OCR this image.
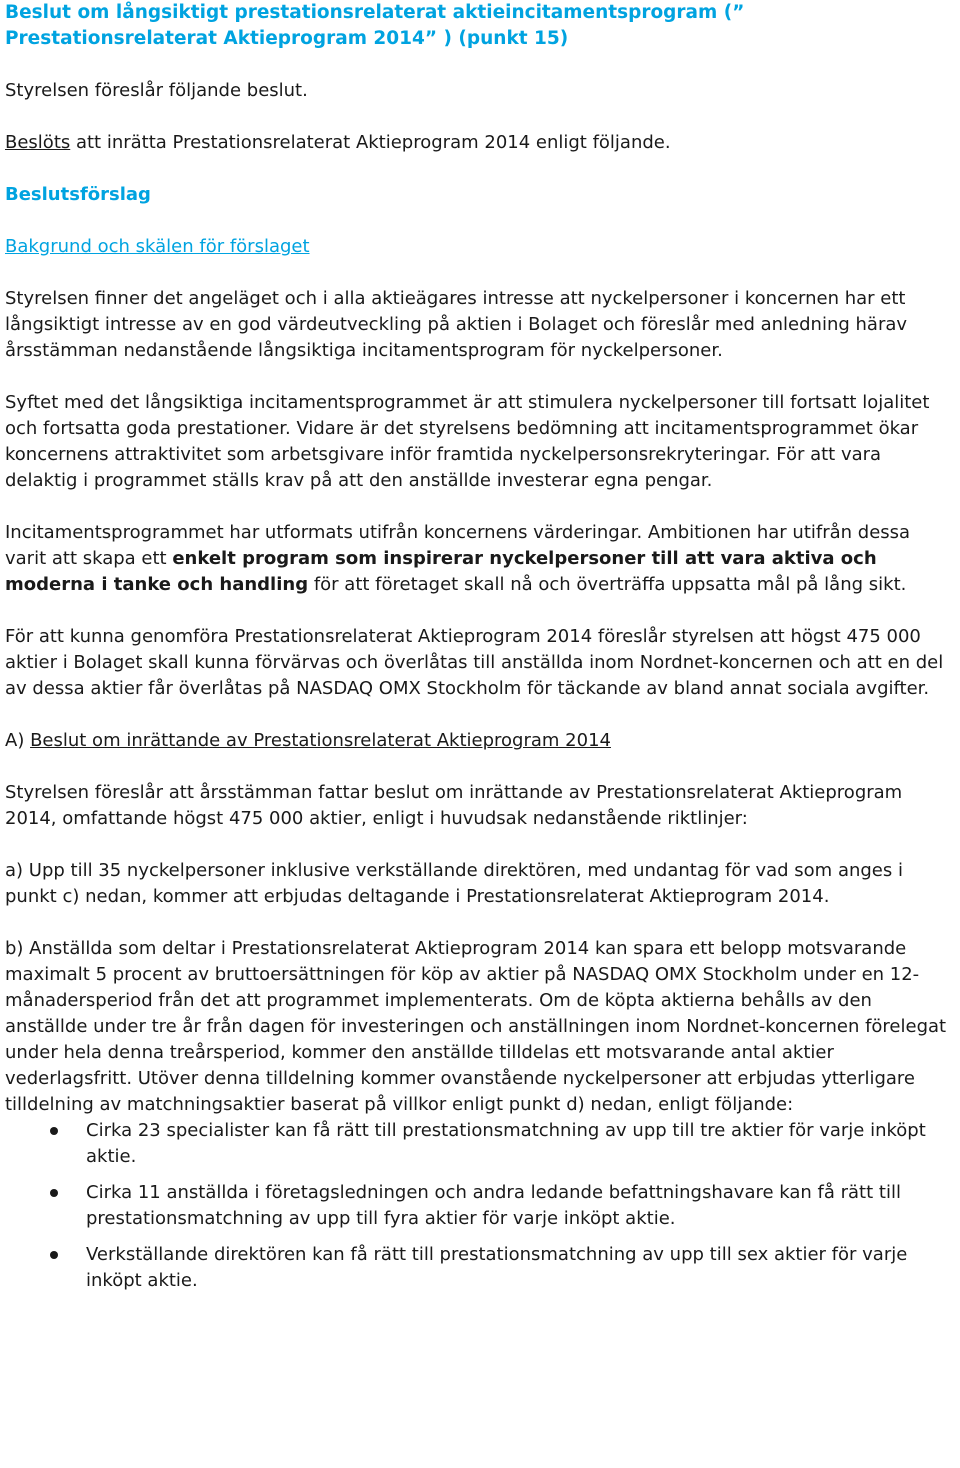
Beslut om långsiktigt prestationsrelaterat aktieincitamentsprogram (” Prestationsrelaterat Aktieprogram 2014” ) (punkt 15)

Styrelsen föreslår följande beslut.

Beslöts att inrätta Prestationsrelaterat Aktieprogram 2014 enligt följande.

Beslutsförslag

Bakgrund och skälen för förslaget

Styrelsen finner det angeläget och i alla aktieägares intresse att nyckelpersoner i koncernen har ett långsiktigt intresse av en god värdeutveckling på aktien i Bolaget och föreslår med anledning härav årsstämman nedanstående långsiktiga incitamentsprogram för nyckelpersoner.

Syftet med det långsiktiga incitamentsprogrammet är att stimulera nyckelpersoner till fortsatt lojalitet och fortsatta goda prestationer. Vidare är det styrelsens bedömning att incitamentsprogrammet ökar koncernens attraktivitet som arbetsgivare inför framtida nyckelpersonsrekryteringar. För att vara delaktig i programmet ställs krav på att den anställde investerar egna pengar.

Incitamentsprogrammet har utformats utifrån koncernens värderingar. Ambitionen har utifrån dessa varit att skapa ett enkelt program som inspirerar nyckelpersoner till att vara aktiva och moderna i tanke och handling för att företaget skall nå och överträffa uppsatta mål på lång sikt.

För att kunna genomföra Prestationsrelaterat Aktieprogram 2014 föreslår styrelsen att högst 475 000 aktier i Bolaget skall kunna förvärvas och överlåtas till anställda inom Nordnet-koncernen och att en del av dessa aktier får överlåtas på NASDAQ OMX Stockholm för täckande av bland annat sociala avgifter.

A) Beslut om inrättande av Prestationsrelaterat Aktieprogram 2014

Styrelsen föreslår att årsstämman fattar beslut om inrättande av Prestationsrelaterat Aktieprogram 2014, omfattande högst 475 000 aktier, enligt i huvudsak nedanstående riktlinjer:

a) Upp till 35 nyckelpersoner inklusive verkställande direktören, med undantag för vad som anges i punkt c) nedan, kommer att erbjudas deltagande i Prestationsrelaterat Aktieprogram 2014.

b) Anställda som deltar i Prestationsrelaterat Aktieprogram 2014 kan spara ett belopp motsvarande maximalt 5 procent av bruttoersättningen för köp av aktier på NASDAQ OMX Stockholm under en 12-månadersperiod från det att programmet implementerats. Om de köpta aktierna behålls av den anställde under tre år från dagen för investeringen och anställningen inom Nordnet-koncernen förelegat under hela denna treårsperiod, kommer den anställde tilldelas ett motsvarande antal aktier vederlagsfritt. Utöver denna tilldelning kommer ovanstående nyckelpersoner att erbjudas ytterligare tilldelning av matchningsaktier baserat på villkor enligt punkt d) nedan, enligt följande:

Cirka 23 specialister kan få rätt till prestationsmatchning av upp till tre aktier för varje inköpt aktie.
Cirka 11 anställda i företagsledningen och andra ledande befattningshavare kan få rätt till prestationsmatchning av upp till fyra aktier för varje inköpt aktie.
Verkställande direktören kan få rätt till prestationsmatchning av upp till sex aktier för varje inköpt aktie.
